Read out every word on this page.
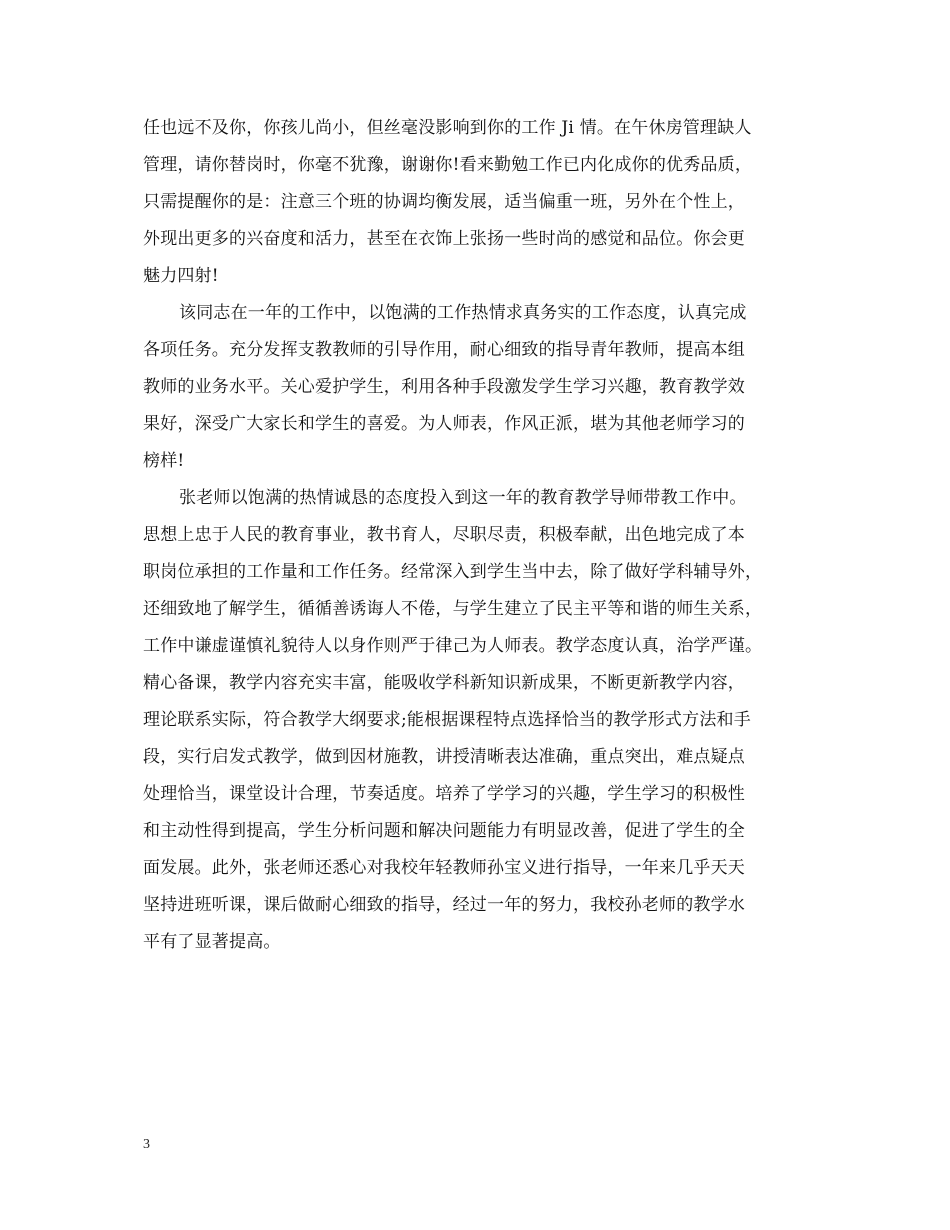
任也远不及你，你孩儿尚小，但丝毫没影响到你的工作 Ji 情。在午休房管理缺人
管理，请你替岗时，你毫不犹豫，谢谢你!看来勤勉工作已内化成你的优秀品质，
只需提醒你的是：注意三个班的协调均衡发展，适当偏重一班，另外在个性上，
外现出更多的兴奋度和活力，甚至在衣饰上张扬一些时尚的感觉和品位。你会更
魅力四射!
该同志在一年的工作中，以饱满的工作热情求真务实的工作态度，认真完成
各项任务。充分发挥支教教师的引导作用，耐心细致的指导青年教师，提高本组
教师的业务水平。关心爱护学生，利用各种手段激发学生学习兴趣，教育教学效
果好，深受广大家长和学生的喜爱。为人师表，作风正派，堪为其他老师学习的
榜样!
张老师以饱满的热情诚恳的态度投入到这一年的教育教学导师带教工作中。
思想上忠于人民的教育事业，教书育人，尽职尽责，积极奉献，出色地完成了本
职岗位承担的工作量和工作任务。经常深入到学生当中去，除了做好学科辅导外，
还细致地了解学生，循循善诱诲人不倦，与学生建立了民主平等和谐的师生关系，
工作中谦虚谨慎礼貌待人以身作则严于律己为人师表。教学态度认真，治学严谨。
精心备课，教学内容充实丰富，能吸收学科新知识新成果，不断更新教学内容，
理论联系实际，符合教学大纲要求;能根据课程特点选择恰当的教学形式方法和手
段，实行启发式教学，做到因材施教，讲授清晰表达准确，重点突出，难点疑点
处理恰当，课堂设计合理，节奏适度。培养了学学习的兴趣，学生学习的积极性
和主动性得到提高，学生分析问题和解决问题能力有明显改善，促进了学生的全
面发展。此外，张老师还悉心对我校年轻教师孙宝义进行指导，一年来几乎天天
坚持进班听课，课后做耐心细致的指导，经过一年的努力，我校孙老师的教学水
平有了显著提高。
3
